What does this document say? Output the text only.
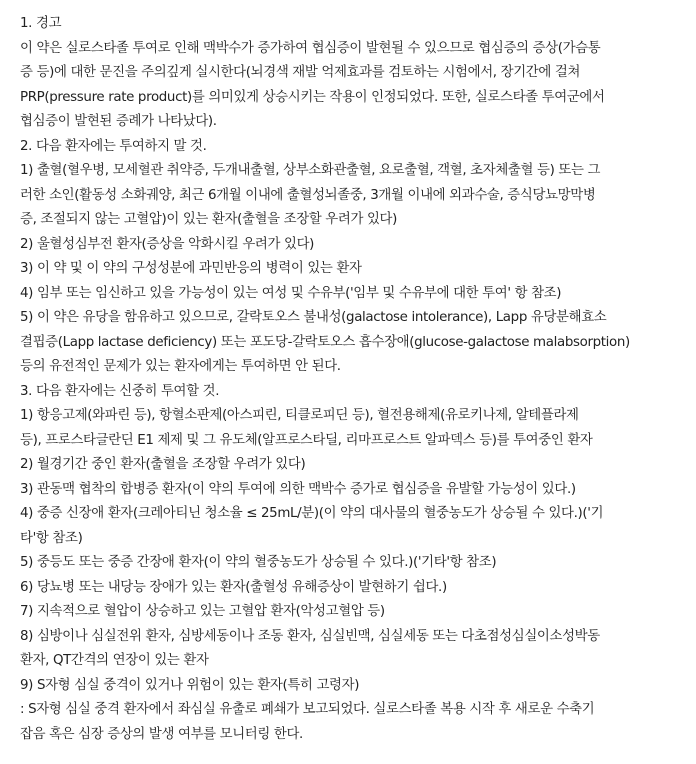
1. 경고
이 약은 실로스타졸 투여로 인해 맥박수가 증가하여 협심증이 발현될 수 있으므로 협심증의 증상(가슴통
증 등)에 대한 문진을 주의깊게 실시한다(뇌경색 재발 억제효과를 검토하는 시험에서, 장기간에 걸쳐
PRP(pressure rate product)를 의미있게 상승시키는 작용이 인정되었다. 또한, 실로스타졸 투여군에서
협심증이 발현된 증례가 나타났다).
2. 다음 환자에는 투여하지 말 것.
1) 출혈(혈우병, 모세혈관 취약증, 두개내출혈, 상부소화관출혈, 요로출혈, 객혈, 초자체출혈 등) 또는 그
러한 소인(활동성 소화궤양, 최근 6개월 이내에 출혈성뇌졸중, 3개월 이내에 외과수술, 증식당뇨망막병
증, 조절되지 않는 고혈압)이 있는 환자(출혈을 조장할 우려가 있다)
2) 울혈성심부전 환자(증상을 악화시킬 우려가 있다)
3) 이 약 및 이 약의 구성성분에 과민반응의 병력이 있는 환자
4) 임부 또는 임신하고 있을 가능성이 있는 여성 및 수유부('임부 및 수유부에 대한 투여' 항 참조)
5) 이 약은 유당을 함유하고 있으므로, 갈락토오스 불내성(galactose intolerance), Lapp 유당분해효소
결핍증(Lapp lactase deficiency) 또는 포도당-갈락토오스 흡수장애(glucose-galactose malabsorption)
등의 유전적인 문제가 있는 환자에게는 투여하면 안 된다.
3. 다음 환자에는 신중히 투여할 것.
1) 항응고제(와파린 등), 항혈소판제(아스피린, 티클로피딘 등), 혈전용해제(유로키나제, 알테플라제
등), 프로스타글란딘 E1 제제 및 그 유도체(알프로스타딜, 리마프로스트 알파덱스 등)를 투여중인 환자
2) 월경기간 중인 환자(출혈을 조장할 우려가 있다)
3) 관동맥 협착의 합병증 환자(이 약의 투여에 의한 맥박수 증가로 협심증을 유발할 가능성이 있다.)
4) 중증 신장애 환자(크레아티닌 청소율 ≤ 25mL/분)(이 약의 대사물의 혈중농도가 상승될 수 있다.)('기
타'항 참조)
5) 중등도 또는 중증 간장애 환자(이 약의 혈중농도가 상승될 수 있다.)('기타'항 참조)
6) 당뇨병 또는 내당능 장애가 있는 환자(출혈성 유해증상이 발현하기 쉽다.)
7) 지속적으로 혈압이 상승하고 있는 고혈압 환자(악성고혈압 등)
8) 심방이나 심실전위 환자, 심방세동이나 조동 환자, 심실빈맥, 심실세동 또는 다초점성심실이소성박동
환자, QT간격의 연장이 있는 환자
9) S자형 심실 중격이 있거나 위험이 있는 환자(특히 고령자)
: S자형 심실 중격 환자에서 좌심실 유출로 폐쇄가 보고되었다. 실로스타졸 복용 시작 후 새로운 수축기
잡음 혹은 심장 증상의 발생 여부를 모니터링 한다.
